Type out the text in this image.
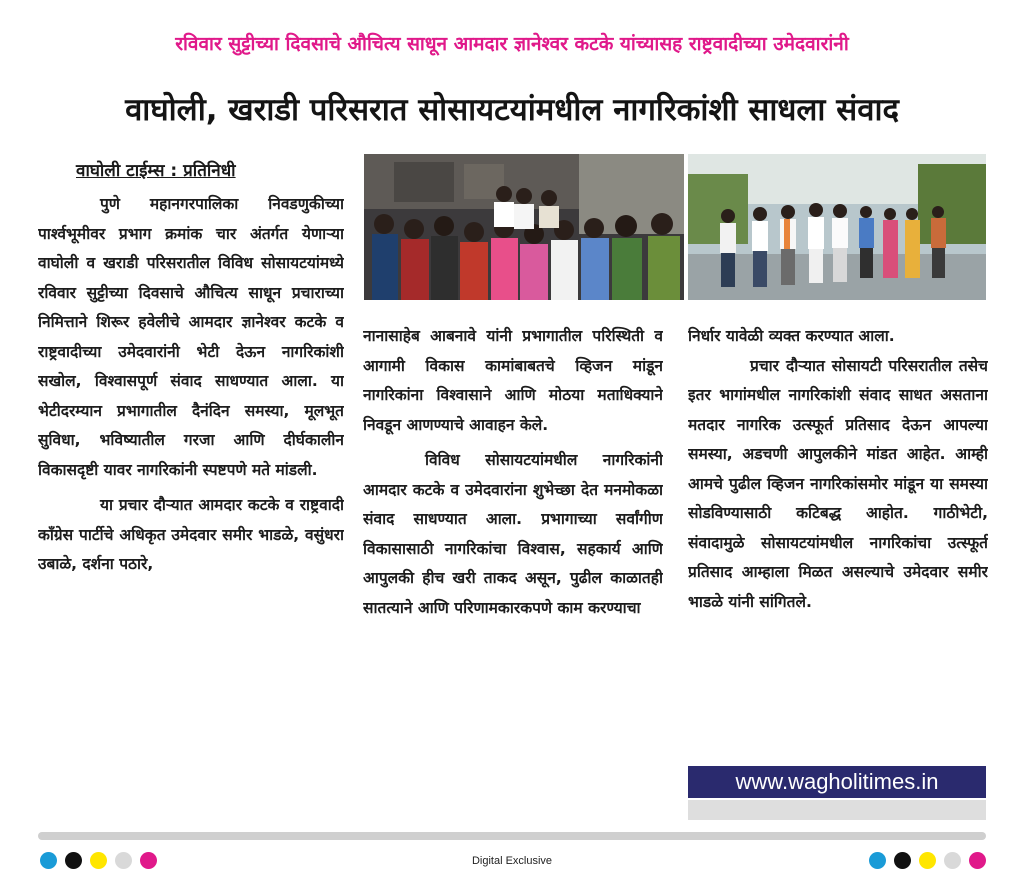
रविवार सुट्टीच्या दिवसाचे औचित्य साधून आमदार ज्ञानेश्वर कटके यांच्यासह राष्ट्रवादीच्या उमेदवारांनी
वाघोली, खराडी परिसरात सोसायटयांमधील नागरिकांशी साधला संवाद
वाघोली टाईम्स : प्रतिनिधी

पुणे महानगरपालिका निवडणुकीच्या पार्श्वभूमीवर प्रभाग क्रमांक चार अंतर्गत येणाऱ्या वाघोली व खराडी परिसरातील विविध सोसायटयांमध्ये रविवार सुट्टीच्या दिवसाचे औचित्य साधून प्रचाराच्या निमित्ताने शिरूर हवेलीचे आमदार ज्ञानेश्वर कटके व राष्ट्रवादीच्या उमेदवारांनी भेटी देऊन नागरिकांशी सखोल, विश्वासपूर्ण संवाद साधण्यात आला. या भेटीदरम्यान प्रभागातील दैनंदिन समस्या, मूलभूत सुविधा, भविष्यातील गरजा आणि दीर्घकालीन विकासदृष्टी यावर नागरिकांनी स्पष्टपणे मते मांडली.

या प्रचार दौऱ्यात आमदार कटके व राष्ट्रवादी काँग्रेस पार्टीचे अधिकृत उमेदवार समीर भाडळे, वसुंधरा उबाळे, दर्शना पठारे,

नानासाहेब आबनावे यांनी प्रभागातील परिस्थिती व आगामी विकास कामांबाबतचे व्हिजन मांडून नागरिकांना विश्वासाने आणि मोठया मताधिक्याने निवडून आणण्याचे आवाहन केले.

विविध सोसायटयांमधील नागरिकांनी आमदार कटके व उमेदवारांना शुभेच्छा देत मनमोकळा संवाद साधण्यात आला. प्रभागाच्या सर्वांगीण विकासासाठी नागरिकांचा विश्वास, सहकार्य आणि आपुलकी हीच खरी ताकद असून, पुढील काळातही सातत्याने आणि परिणामकारकपणे काम करण्याचा

निर्धार यावेळी व्यक्त करण्यात आला.

प्रचार दौऱ्यात सोसायटी परिसरातील तसेच इतर भागांमधील नागरिकांशी संवाद साधत असताना मतदार नागरिक उत्स्फूर्त प्रतिसाद देऊन आपल्या समस्या, अडचणी आपुलकीने मांडत आहेत. आम्ही आमचे पुढील व्हिजन नागरिकांसमोर मांडून या समस्या सोडविण्यासाठी कटिबद्ध आहोत. गाठीभेटी, संवादामुळे सोसायटयांमधील नागरिकांचा उत्स्फूर्त प्रतिसाद आम्हाला मिळत असल्याचे उमेदवार समीर भाडळे यांनी सांगितले.

www.wagholitimes.in
Digital Exclusive
